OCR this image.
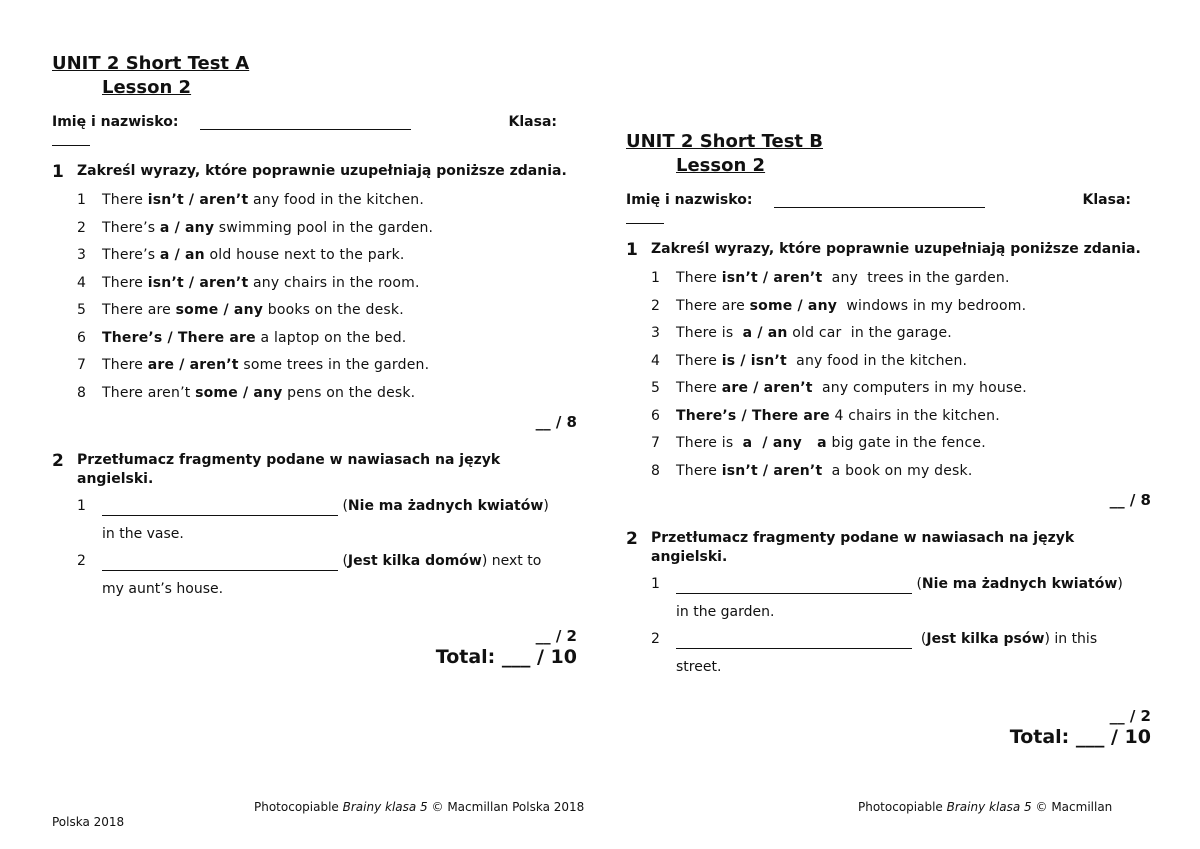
UNIT 2 Short Test A
Lesson 2
Imię i nazwisko:	Klasa:
1 Zakreśl wyrazy, które poprawnie uzupełniają poniższe zdania.
1 There isn’t / aren’t any food in the kitchen.
2 There’s a / any swimming pool in the garden.
3 There’s a / an old house next to the park.
4 There isn’t / aren’t any chairs in the room.
5 There are some / any books on the desk.
6 There’s / There are a laptop on the bed.
7 There are / aren’t some trees in the garden.
8 There aren’t some / any pens on the desk.
__ / 8
2 Przetłumacz fragmenty podane w nawiasach na język angielski.
1	( Nie ma żadnych kwiatów )
in the vase.
2	( Jest kilka domów ) next to
my aunt’s house.
__ / 2
Total: ___ / 10
UNIT 2 Short Test B
Lesson 2
Imię i nazwisko:	Klasa:
1 Zakreśl wyrazy, które poprawnie uzupełniają poniższe zdania.
1 There isn’t / aren’t  any  trees in the garden.
2 There are some / any  windows in my bedroom.
3 There is  a / an old car  in the garage.
4 There is / isn’t  any food in the kitchen.
5 There are / aren’t  any computers in my house.
6 There’s / There are 4 chairs in the kitchen.
7 There is  a  / any   a big gate in the fence.
8 There isn’t / aren’t  a book on my desk.
__ / 8
2 Przetłumacz fragmenty podane w nawiasach na język angielski.
1	( Nie ma żadnych kwiatów )
in the garden.
2	( Jest kilka psów ) in this
street.
__ / 2
Total: ___ / 10
Photocopiable Brainy klasa 5 © Macmillan Polska 2018	Photocopiable Brainy klasa 5 © Macmillan
Polska 2018
